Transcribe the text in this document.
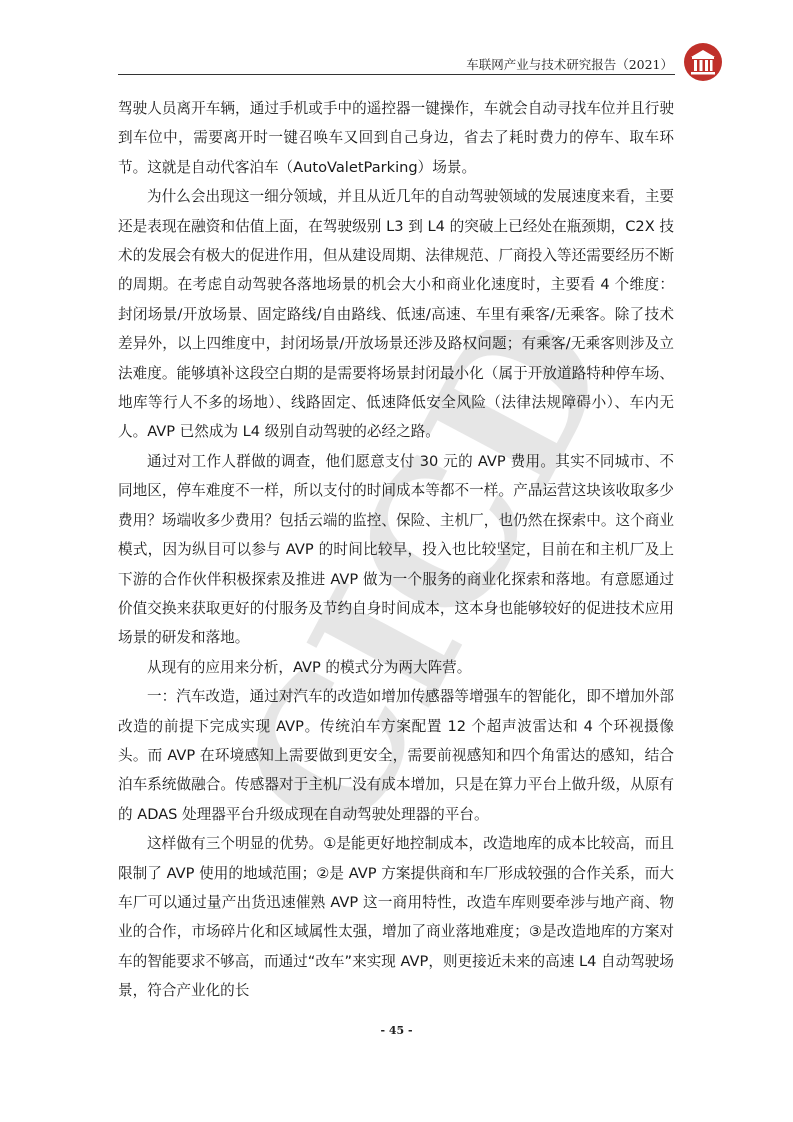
车联网产业与技术研究报告（2021）
CICD

驾驶人员离开车辆，通过手机或手中的遥控器一键操作，车就会自动寻找车位并且行驶到车位中，需要离开时一键召唤车又回到自己身边，省去了耗时费力的停车、取车环节。这就是自动代客泊车（AutoValetParking）场景。

为什么会出现这一细分领域，并且从近几年的自动驾驶领域的发展速度来看，主要还是表现在融资和估值上面，在驾驶级别 L3 到 L4 的突破上已经处在瓶颈期，C2X 技术的发展会有极大的促进作用，但从建设周期、法律规范、厂商投入等还需要经历不断的周期。在考虑自动驾驶各落地场景的机会大小和商业化速度时，主要看 4 个维度：封闭场景/开放场景、固定路线/自由路线、低速/高速、车里有乘客/无乘客。除了技术差异外，以上四维度中，封闭场景/开放场景还涉及路权问题；有乘客/无乘客则涉及立法难度。能够填补这段空白期的是需要将场景封闭最小化（属于开放道路特种停车场、地库等行人不多的场地）、线路固定、低速降低安全风险（法律法规障碍小）、车内无人。AVP 已然成为 L4 级别自动驾驶的必经之路。

通过对工作人群做的调查，他们愿意支付 30 元的 AVP 费用。其实不同城市、不同地区，停车难度不一样，所以支付的时间成本等都不一样。产品运营这块该收取多少费用？场端收多少费用？包括云端的监控、保险、主机厂，也仍然在探索中。这个商业模式，因为纵目可以参与 AVP 的时间比较早，投入也比较坚定，目前在和主机厂及上下游的合作伙伴积极探索及推进 AVP 做为一个服务的商业化探索和落地。有意愿通过价值交换来获取更好的付服务及节约自身时间成本，这本身也能够较好的促进技术应用场景的研发和落地。

从现有的应用来分析，AVP 的模式分为两大阵营。

一：汽车改造，通过对汽车的改造如增加传感器等增强车的智能化，即不增加外部改造的前提下完成实现 AVP。传统泊车方案配置 12 个超声波雷达和 4 个环视摄像头。而 AVP 在环境感知上需要做到更安全，需要前视感知和四个角雷达的感知，结合泊车系统做融合。传感器对于主机厂没有成本增加，只是在算力平台上做升级，从原有的 ADAS 处理器平台升级成现在自动驾驶处理器的平台。

这样做有三个明显的优势。①是能更好地控制成本，改造地库的成本比较高，而且限制了 AVP 使用的地域范围；②是 AVP 方案提供商和车厂形成较强的合作关系，而大车厂可以通过量产出货迅速催熟 AVP 这一商用特性，改造车库则要牵涉与地产商、物业的合作，市场碎片化和区域属性太强，增加了商业落地难度；③是改造地库的方案对车的智能要求不够高，而通过“改车”来实现 AVP，则更接近未来的高速 L4 自动驾驶场景，符合产业化的长

- 45 -
